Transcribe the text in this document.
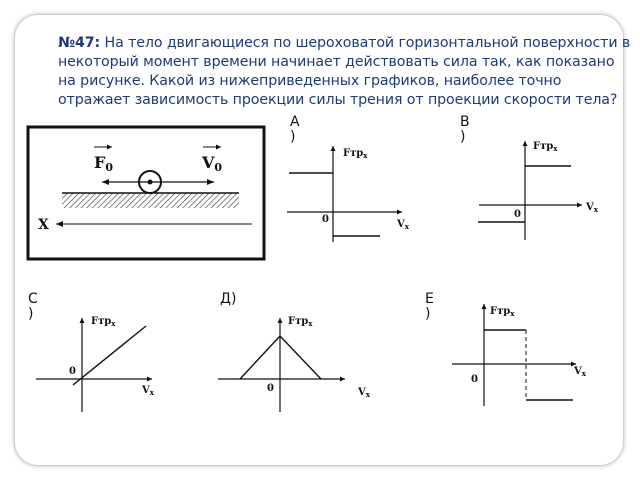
№47: На тело двигающиеся по шероховатой горизонтальной поверхности в некоторый момент времени начинает действовать сила так, как показано на рисунке. Какой из нижеприведенных графиков, наиболее точно отражает зависимость проекции силы трения от проекции скорости тела?
A
)
B
)
C
)
Д)	E
)
F0	V0
X
Fтр$_x$
$V_x$
0
Fтр$_x$
$V_x$
0
Fтр$_x$
$V_x$
0
Fтр$_x$
$V_x$
0
Fтр$_x$
$V_x$
0
